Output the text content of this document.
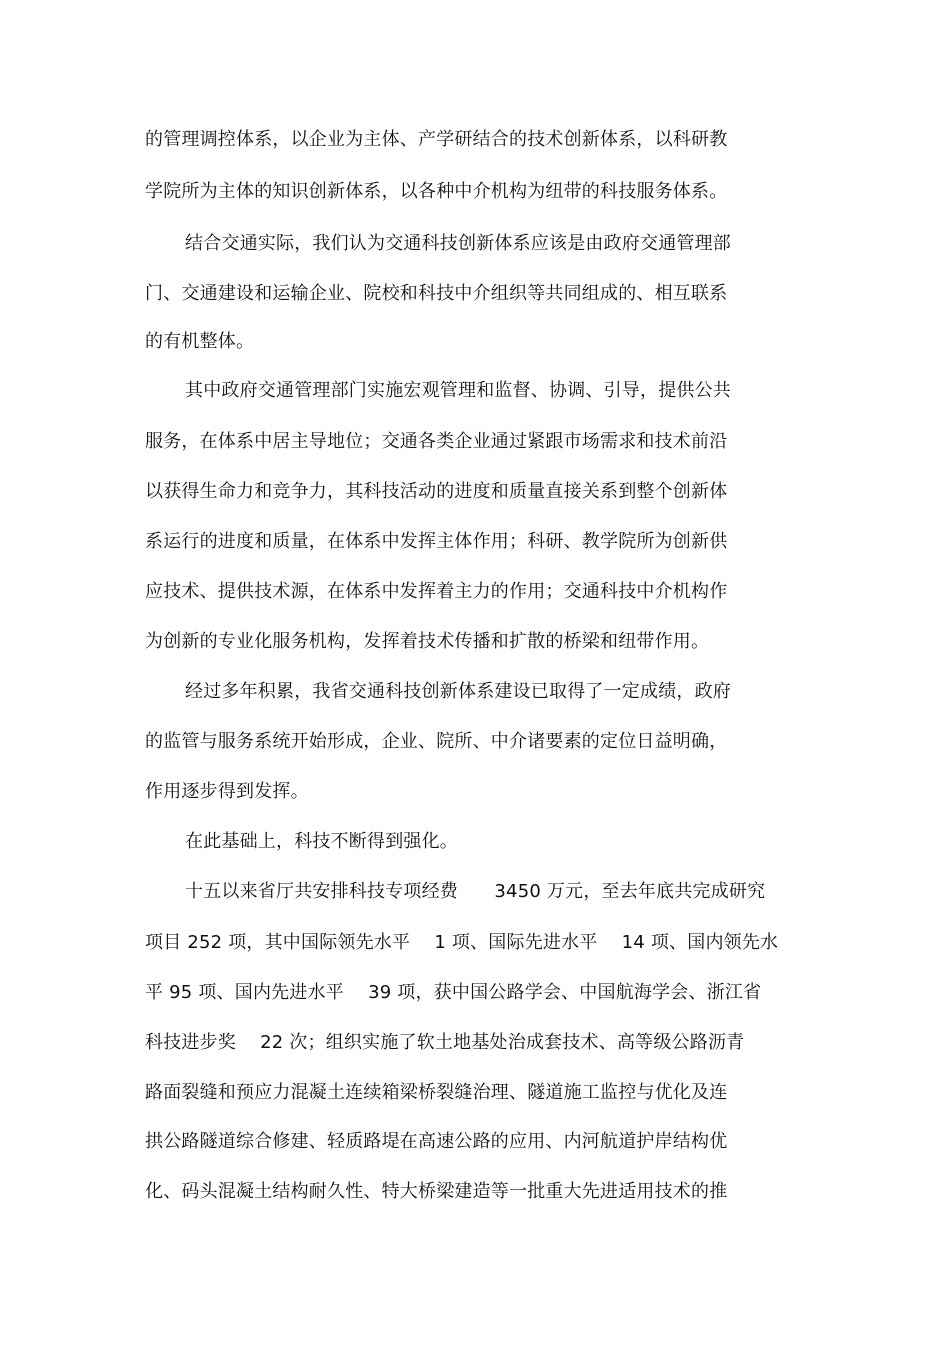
的管理调控体系，以企业为主体、产学研结合的技术创新体系，以科研教
学院所为主体的知识创新体系，以各种中介机构为纽带的科技服务体系。
结合交通实际，我们认为交通科技创新体系应该是由政府交通管理部
门、交通建设和运输企业、院校和科技中介组织等共同组成的、相互联系
的有机整体。
其中政府交通管理部门实施宏观管理和监督、协调、引导，提供公共
服务，在体系中居主导地位；交通各类企业通过紧跟市场需求和技术前沿
以获得生命力和竞争力，其科技活动的进度和质量直接关系到整个创新体
系运行的进度和质量，在体系中发挥主体作用；科研、教学院所为创新供
应技术、提供技术源，在体系中发挥着主力的作用；交通科技中介机构作
为创新的专业化服务机构，发挥着技术传播和扩散的桥梁和纽带作用。
经过多年积累，我省交通科技创新体系建设已取得了一定成绩，政府
的监管与服务系统开始形成，企业、院所、中介诸要素的定位日益明确，
作用逐步得到发挥。
在此基础上，科技不断得到强化。
十五以来省厅共安排科技专项经费　　3450 万元，至去年底共完成研究
项目 252 项，其中国际领先水平　 1 项、国际先进水平　 14 项、国内领先水
平 95 项、国内先进水平　 39 项，获中国公路学会、中国航海学会、浙江省
科技进步奖　 22 次；组织实施了软土地基处治成套技术、高等级公路沥青
路面裂缝和预应力混凝土连续箱梁桥裂缝治理、隧道施工监控与优化及连
拱公路隧道综合修建、轻质路堤在高速公路的应用、内河航道护岸结构优
化、码头混凝土结构耐久性、特大桥梁建造等一批重大先进适用技术的推
